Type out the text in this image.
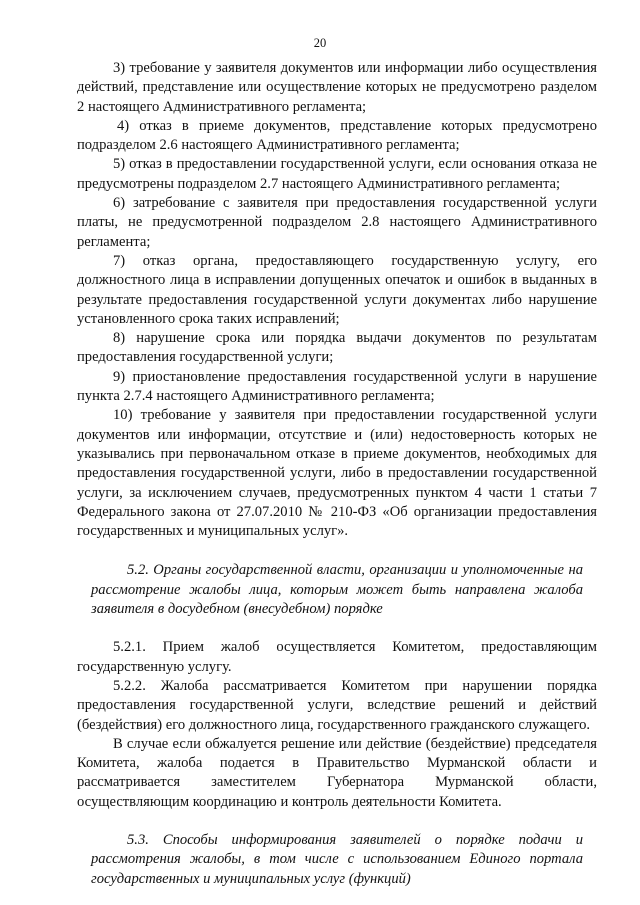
20

3) требование у заявителя документов или информации либо осуществления действий, представление или осуществление которых не предусмотрено разделом 2 настоящего Административного регламента;

4) отказ в приеме документов, представление которых предусмотрено подразделом 2.6 настоящего Административного регламента;

5) отказ в предоставлении государственной услуги, если основания отказа не предусмотрены подразделом 2.7 настоящего Административного регламента;

6) затребование с заявителя при предоставления государственной услуги платы, не предусмотренной подразделом 2.8 настоящего Административного регламента;

7) отказ органа, предоставляющего государственную услугу, его должностного лица в исправлении допущенных опечаток и ошибок в выданных в результате предоставления государственной услуги документах либо нарушение установленного срока таких исправлений;

8) нарушение срока или порядка выдачи документов по результатам предоставления государственной услуги;

9) приостановление предоставления государственной услуги в нарушение пункта 2.7.4 настоящего Административного регламента;

10) требование у заявителя при предоставлении государственной услуги документов или информации, отсутствие и (или) недостоверность которых не указывались при первоначальном отказе в приеме документов, необходимых для предоставления государственной услуги, либо в предоставлении государственной услуги, за исключением случаев, предусмотренных пунктом 4 части 1 статьи 7 Федерального закона от 27.07.2010 № 210-ФЗ «Об организации предоставления государственных и муниципальных услуг».

5.2. Органы государственной власти, организации и уполномоченные на рассмотрение жалобы лица, которым может быть направлена жалоба заявителя в досудебном (внесудебном) порядке

5.2.1. Прием жалоб осуществляется Комитетом, предоставляющим государственную услугу.

5.2.2. Жалоба рассматривается Комитетом при нарушении порядка предоставления государственной услуги, вследствие решений и действий (бездействия) его должностного лица, государственного гражданского служащего.

В случае если обжалуется решение или действие (бездействие) председателя Комитета, жалоба подается в Правительство Мурманской области и рассматривается заместителем Губернатора Мурманской области, осуществляющим координацию и контроль деятельности Комитета.

5.3. Способы информирования заявителей о порядке подачи и рассмотрения жалобы, в том числе с использованием Единого портала государственных и муниципальных услуг (функций)
